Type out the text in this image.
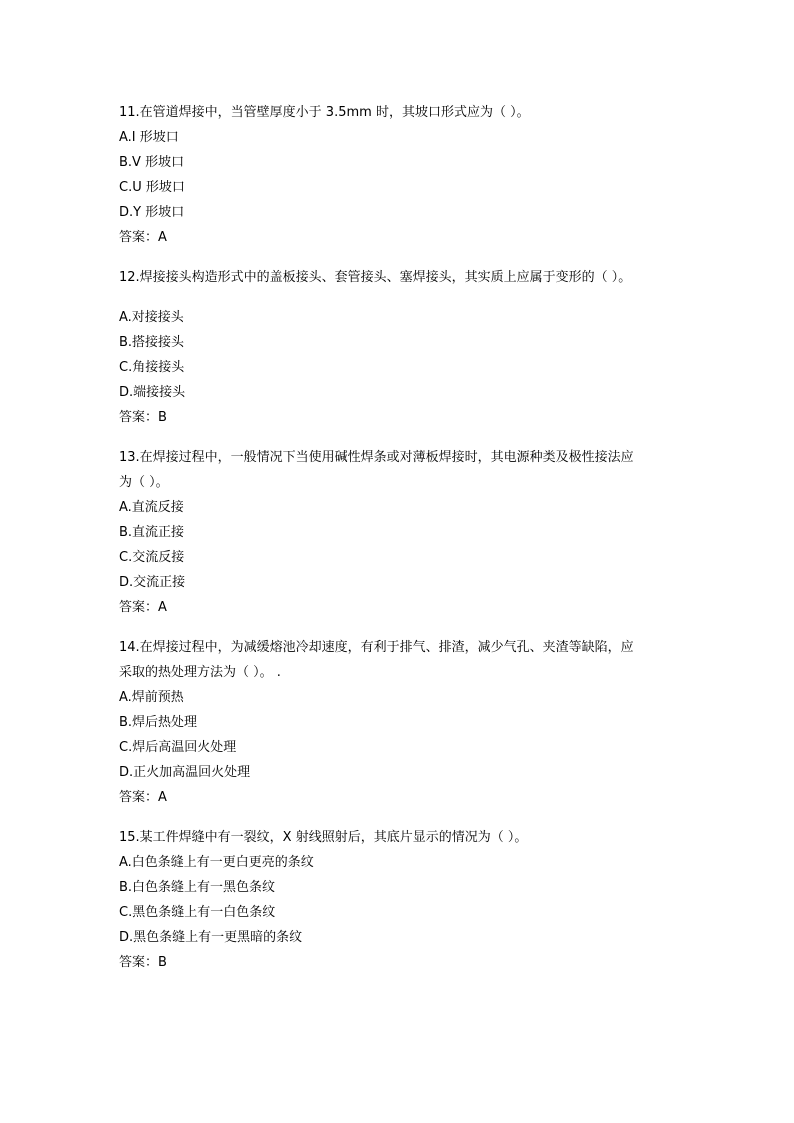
11.在管道焊接中，当管壁厚度小于 3.5mm 时，其坡口形式应为（ ）。
A.I 形坡口
B.V 形坡口
C.U 形坡口
D.Y 形坡口
答案：A
12.焊接接头构造形式中的盖板接头、套管接头、塞焊接头，其实质上应属于变形的（ ）。
A.对接接头
B.搭接接头
C.角接接头
D.端接接头
答案：B
13.在焊接过程中，一般情况下当使用碱性焊条或对薄板焊接时，其电源种类及极性接法应
为（ ）。
A.直流反接
B.直流正接
C.交流反接
D.交流正接
答案：A
14.在焊接过程中，为减缓熔池冷却速度，有利于排气、排渣，减少气孔、夹渣等缺陷，应
采取的热处理方法为（ ）。 .
A.焊前预热
B.焊后热处理
C.焊后高温回火处理
D.正火加高温回火处理
答案：A
15.某工件焊缝中有一裂纹，X 射线照射后，其底片显示的情况为（ ）。
A.白色条缝上有一更白更亮的条纹
B.白色条缝上有一黑色条纹
C.黑色条缝上有一白色条纹
D.黑色条缝上有一更黑暗的条纹
答案：B
